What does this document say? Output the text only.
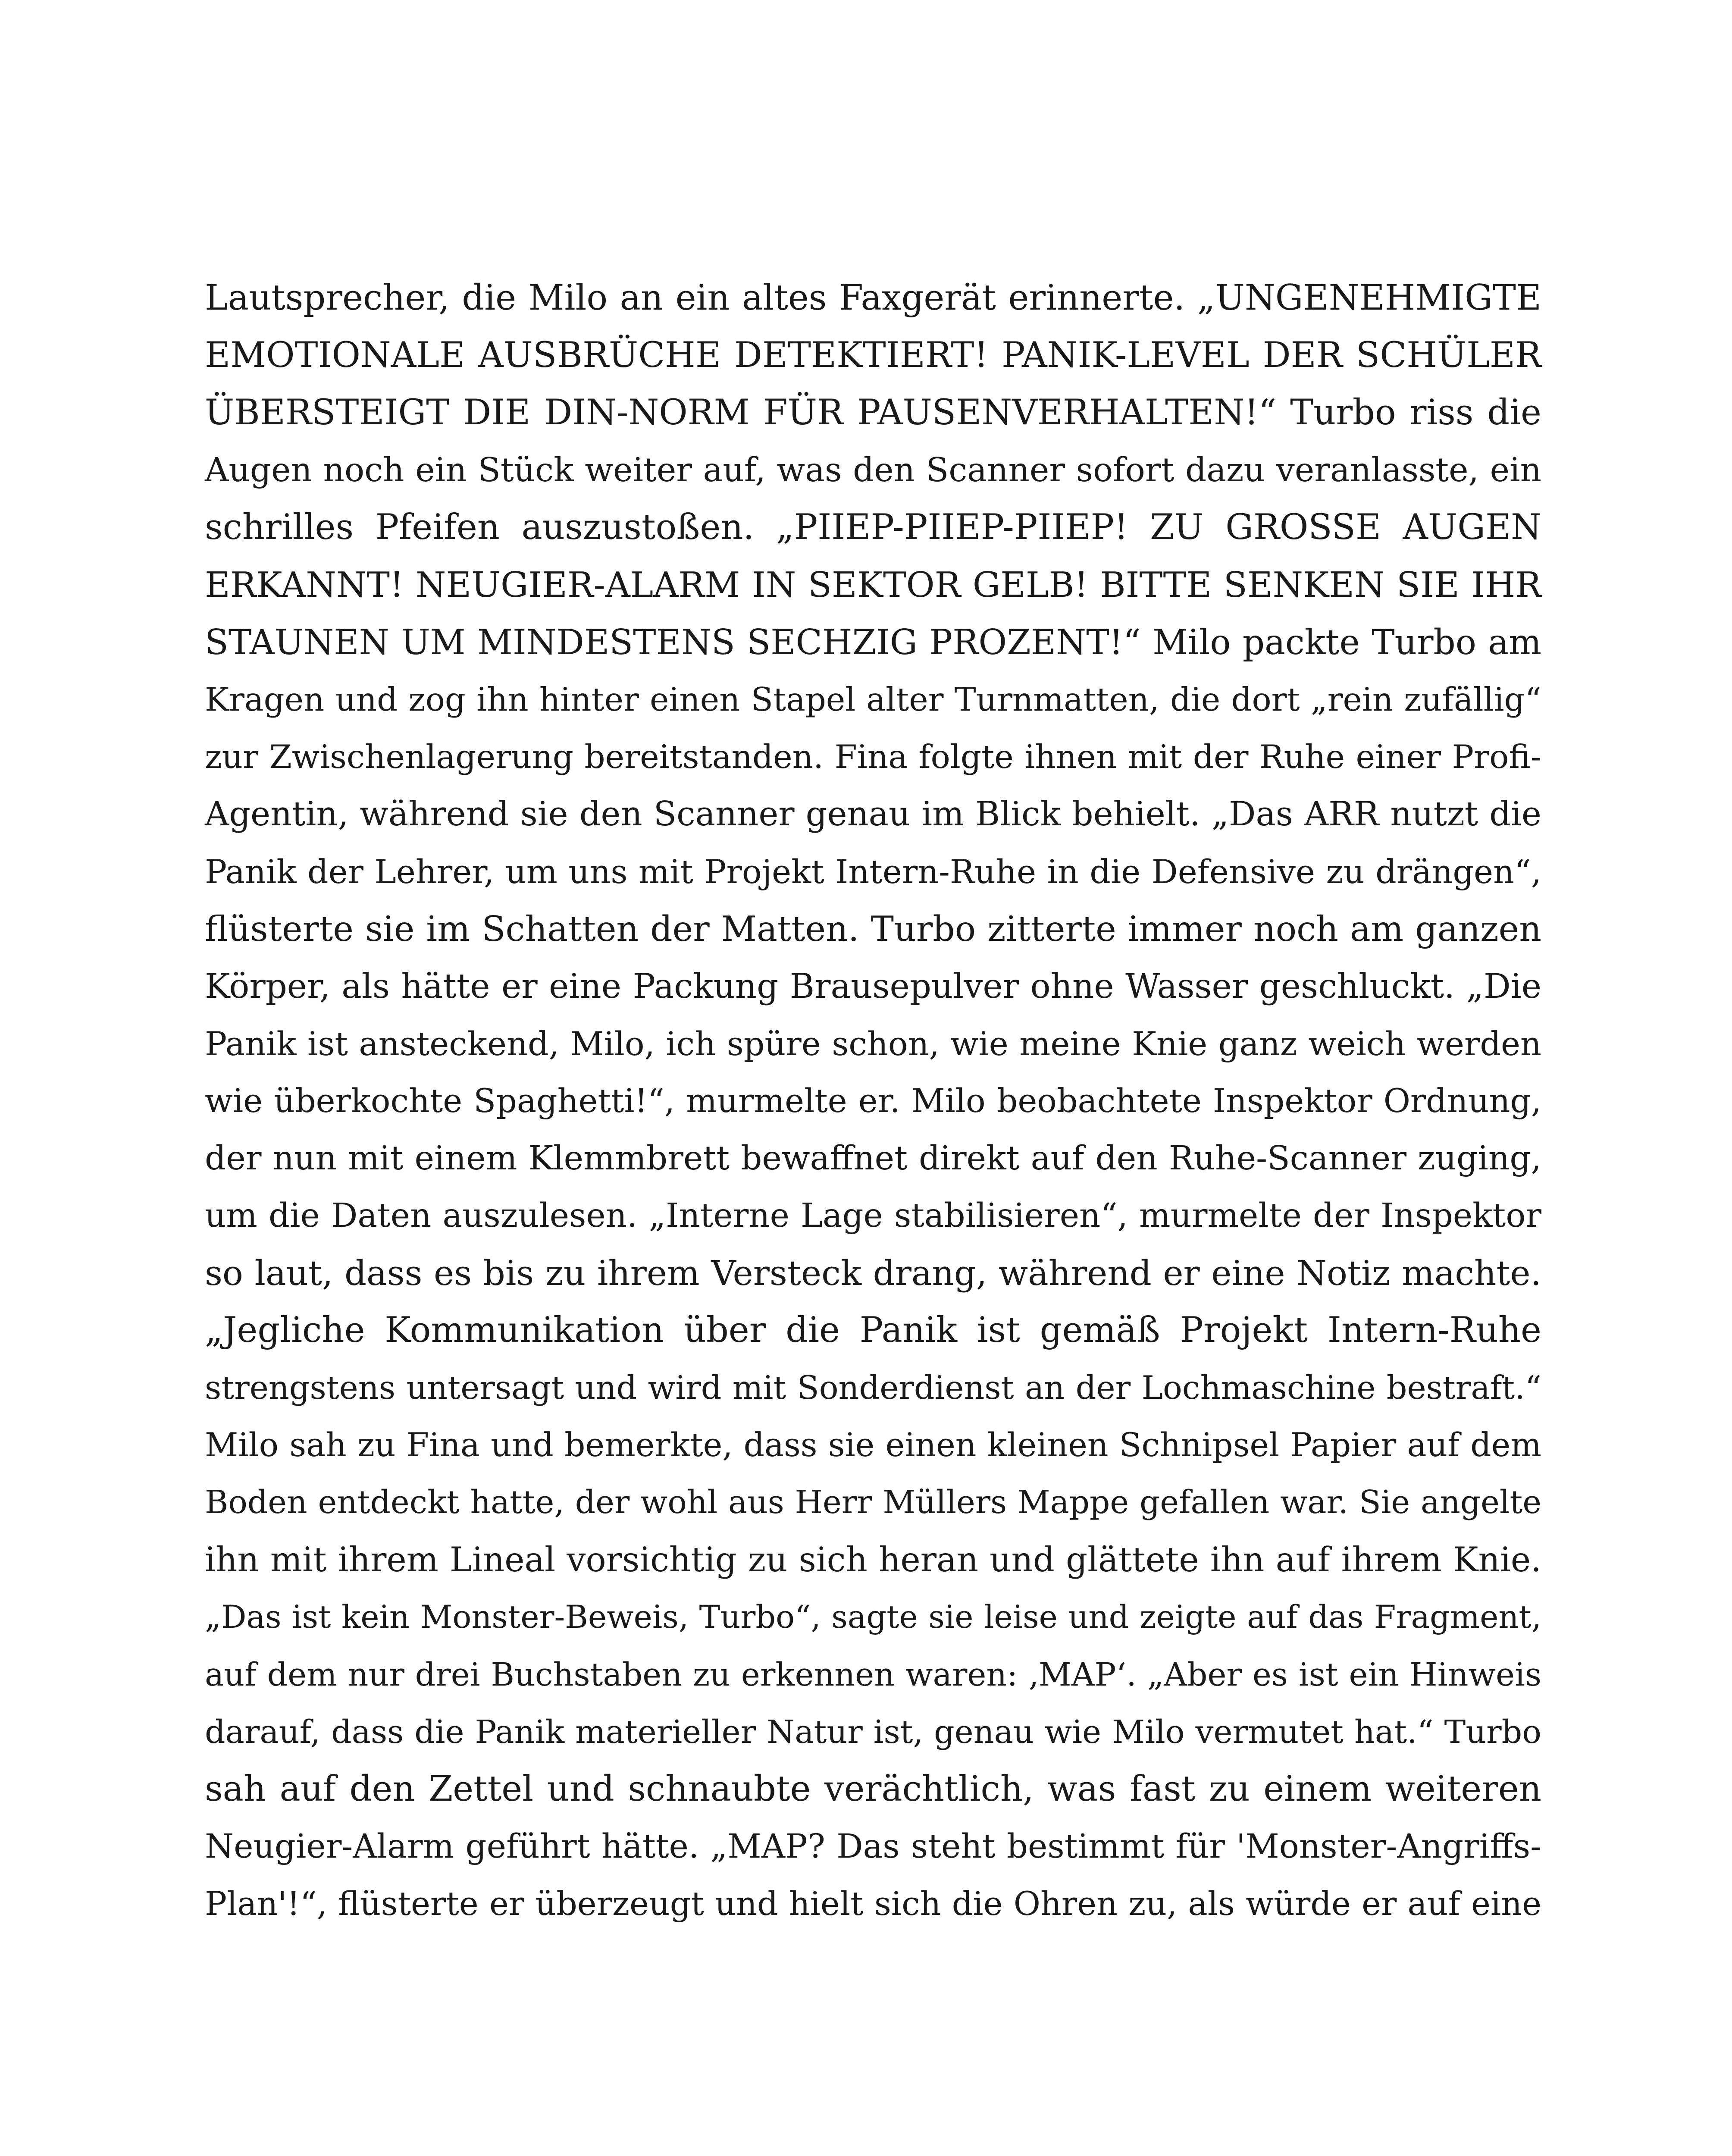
Lautsprecher, die Milo an ein altes Faxgerät erinnerte. „UNGENEHMIGTE
EMOTIONALE AUSBRÜCHE DETEKTIERT! PANIK-LEVEL DER SCHÜLER
ÜBERSTEIGT DIE DIN-NORM FÜR PAUSENVERHALTEN!“ Turbo riss die
Augen noch ein Stück weiter auf, was den Scanner sofort dazu veranlasste, ein
schrilles Pfeifen auszustoßen. „PIIEP-PIIEP-PIIEP! ZU GROSSE AUGEN
ERKANNT! NEUGIER-ALARM IN SEKTOR GELB! BITTE SENKEN SIE IHR
STAUNEN UM MINDESTENS SECHZIG PROZENT!“ Milo packte Turbo am
Kragen und zog ihn hinter einen Stapel alter Turnmatten, die dort „rein zufällig“
zur Zwischenlagerung bereitstanden. Fina folgte ihnen mit der Ruhe einer Profi-
Agentin, während sie den Scanner genau im Blick behielt. „Das ARR nutzt die
Panik der Lehrer, um uns mit Projekt Intern-Ruhe in die Defensive zu drängen“,
flüsterte sie im Schatten der Matten. Turbo zitterte immer noch am ganzen
Körper, als hätte er eine Packung Brausepulver ohne Wasser geschluckt. „Die
Panik ist ansteckend, Milo, ich spüre schon, wie meine Knie ganz weich werden
wie überkochte Spaghetti!“, murmelte er. Milo beobachtete Inspektor Ordnung,
der nun mit einem Klemmbrett bewaffnet direkt auf den Ruhe-Scanner zuging,
um die Daten auszulesen. „Interne Lage stabilisieren“, murmelte der Inspektor
so laut, dass es bis zu ihrem Versteck drang, während er eine Notiz machte.
„Jegliche Kommunikation über die Panik ist gemäß Projekt Intern-Ruhe
strengstens untersagt und wird mit Sonderdienst an der Lochmaschine bestraft.“
Milo sah zu Fina und bemerkte, dass sie einen kleinen Schnipsel Papier auf dem
Boden entdeckt hatte, der wohl aus Herr Müllers Mappe gefallen war. Sie angelte
ihn mit ihrem Lineal vorsichtig zu sich heran und glättete ihn auf ihrem Knie.
„Das ist kein Monster-Beweis, Turbo“, sagte sie leise und zeigte auf das Fragment,
auf dem nur drei Buchstaben zu erkennen waren: ‚MAP‘. „Aber es ist ein Hinweis
darauf, dass die Panik materieller Natur ist, genau wie Milo vermutet hat.“ Turbo
sah auf den Zettel und schnaubte verächtlich, was fast zu einem weiteren
Neugier-Alarm geführt hätte. „MAP? Das steht bestimmt für 'Monster-Angriffs-
Plan'!“, flüsterte er überzeugt und hielt sich die Ohren zu, als würde er auf eine
